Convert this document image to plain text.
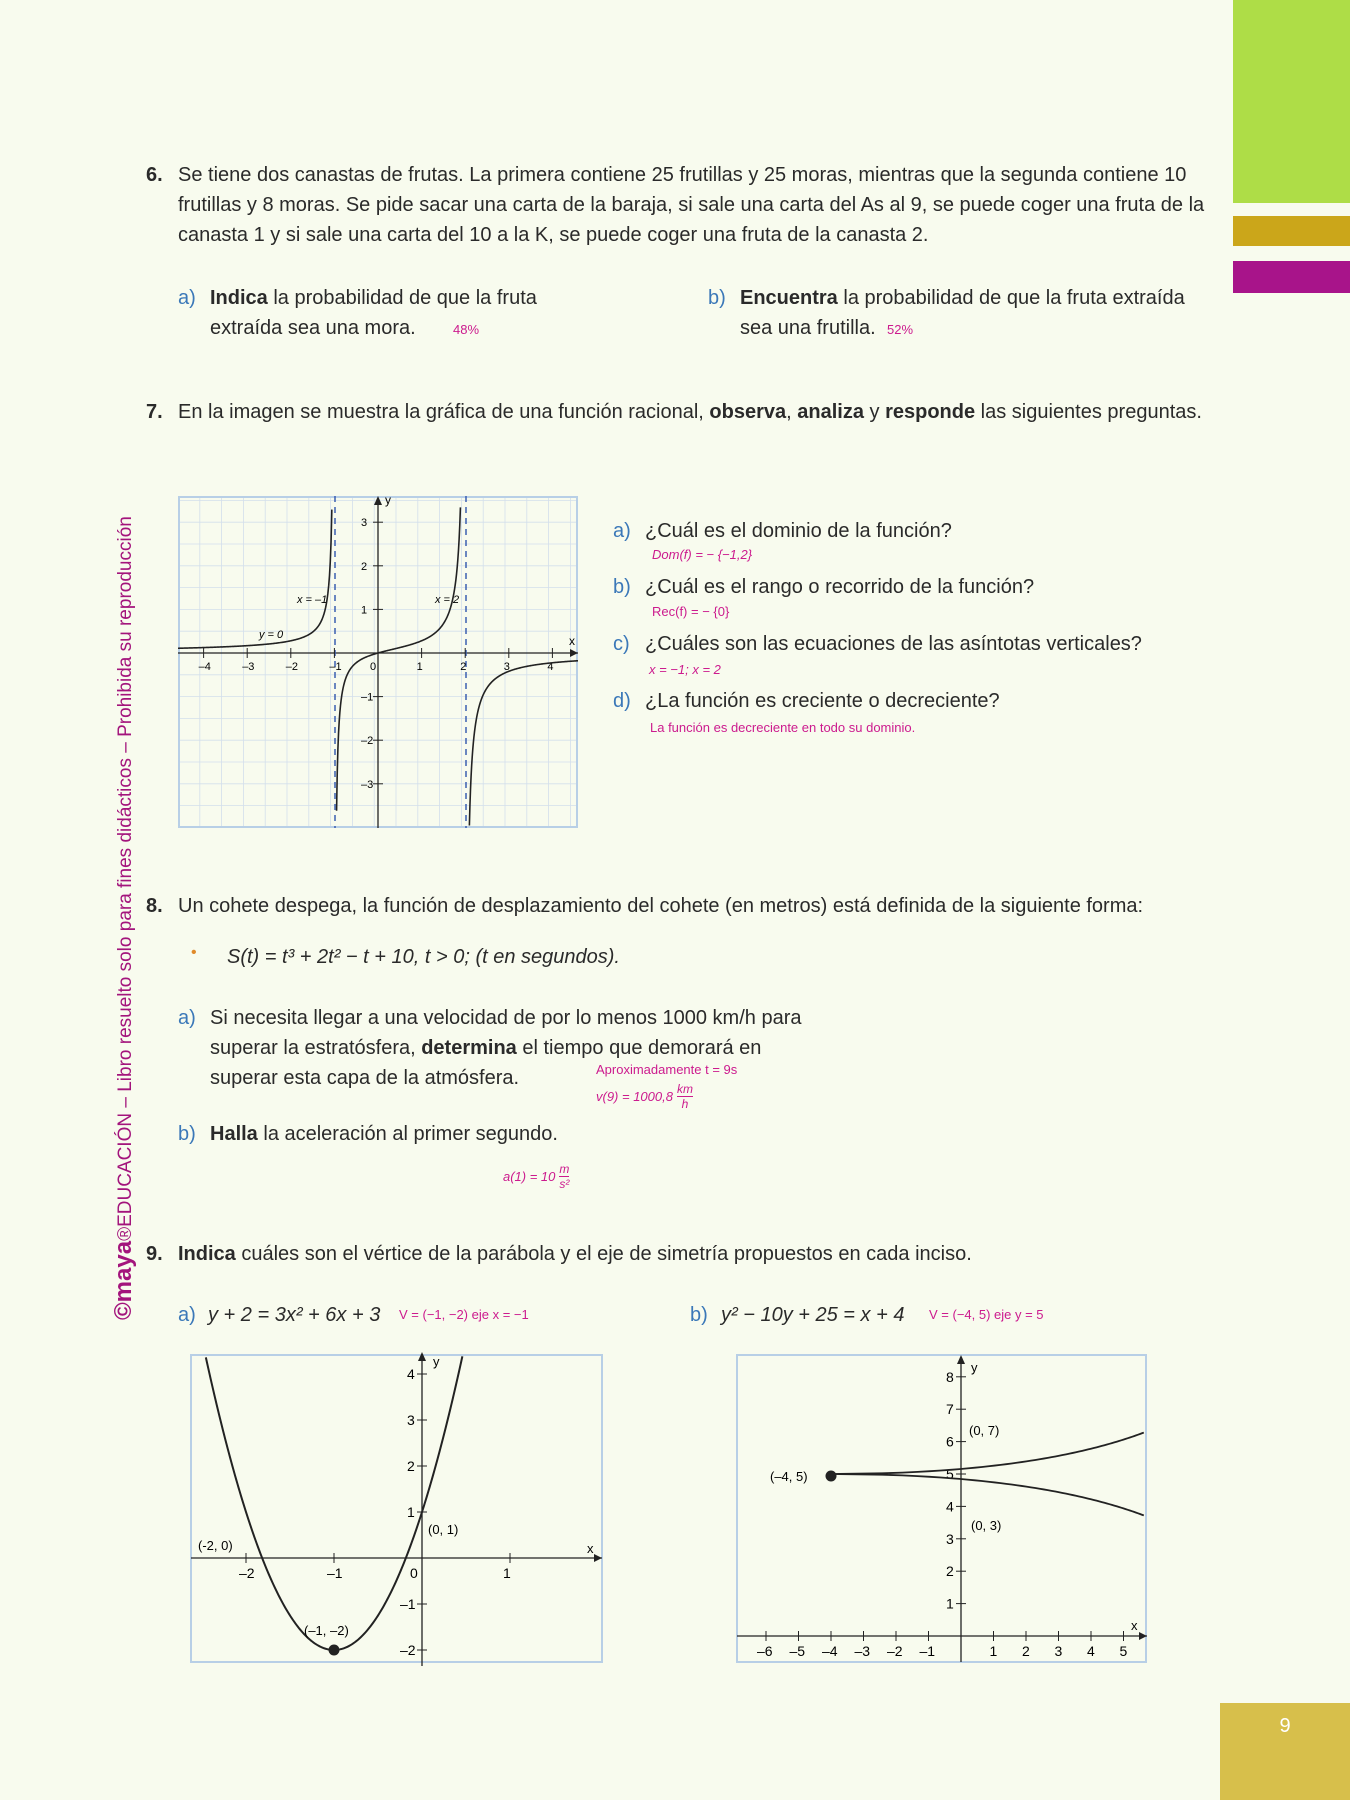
9
©maya®EDUCACIÓN – Libro resuelto solo para fines didácticos – Prohibida su reproducción
6. Se tiene dos canastas de frutas. La primera contiene 25 frutillas y 25 moras, mientras que la segunda contiene 10 frutillas y 8 moras. Se pide sacar una carta de la baraja, si sale una carta del As al 9, se puede coger una fruta de la canasta 1 y si sale una carta del 10 a la K, se puede coger una fruta de la canasta 2.
a) Indica la probabilidad de que la fruta extraída sea una mora.	48%
b) Encuentra la probabilidad de que la fruta extraída sea una frutilla. 52%
7. En la imagen se muestra la gráfica de una función racional, observa, analiza y responde las siguientes preguntas.
–4	–3	–2	–1	0	1	2	3	4
3
2
1
–1
–2
–3
y
x
x = –1	x = 2
y = 0
a) ¿Cuál es el dominio de la función?
Dom(f) = − {−1,2}
b) ¿Cuál es el rango o recorrido de la función?
Rec(f) = − {0}
c) ¿Cuáles son las ecuaciones de las asíntotas verticales?
x = −1; x = 2
d) ¿La función es creciente o decreciente?
La función es decreciente en todo su dominio.
8. Un cohete despega, la función de desplazamiento del cohete (en metros) está definida de la siguiente forma:
• S(t) = t³ + 2t² − t + 10, t > 0; (t en segundos).
a) Si necesita llegar a una velocidad de por lo menos 1000 km/h para superar la estratósfera, determina el tiempo que demorará en superar esta capa de la atmósfera.	Aproximadamente t = 9s
$v(9) = 1000,8 \frac{km}{h}$
b) Halla la aceleración al primer segundo.
$a(1) = 10 \frac{m}{\text{s²}}$
9. Indica cuáles son el vértice de la parábola y el eje de simetría propuestos en cada inciso.
a) y + 2 = 3x² + 6x + 3 V = (−1, −2) eje x = −1	b) y² − 10y + 25 = x + 4 V = (−4, 5) eje y = 5
–2	–1	0	1
4
3
2
1
–1
–2
y
x
(-2, 0)
(0, 1)
(–1, –2)
–6 –5 –4 –3 –2 –1	1 2 3 4 5
8
7
6
5
4
3
2
1
y
x
(0, 7)
(–4, 5)
(0, 3)
